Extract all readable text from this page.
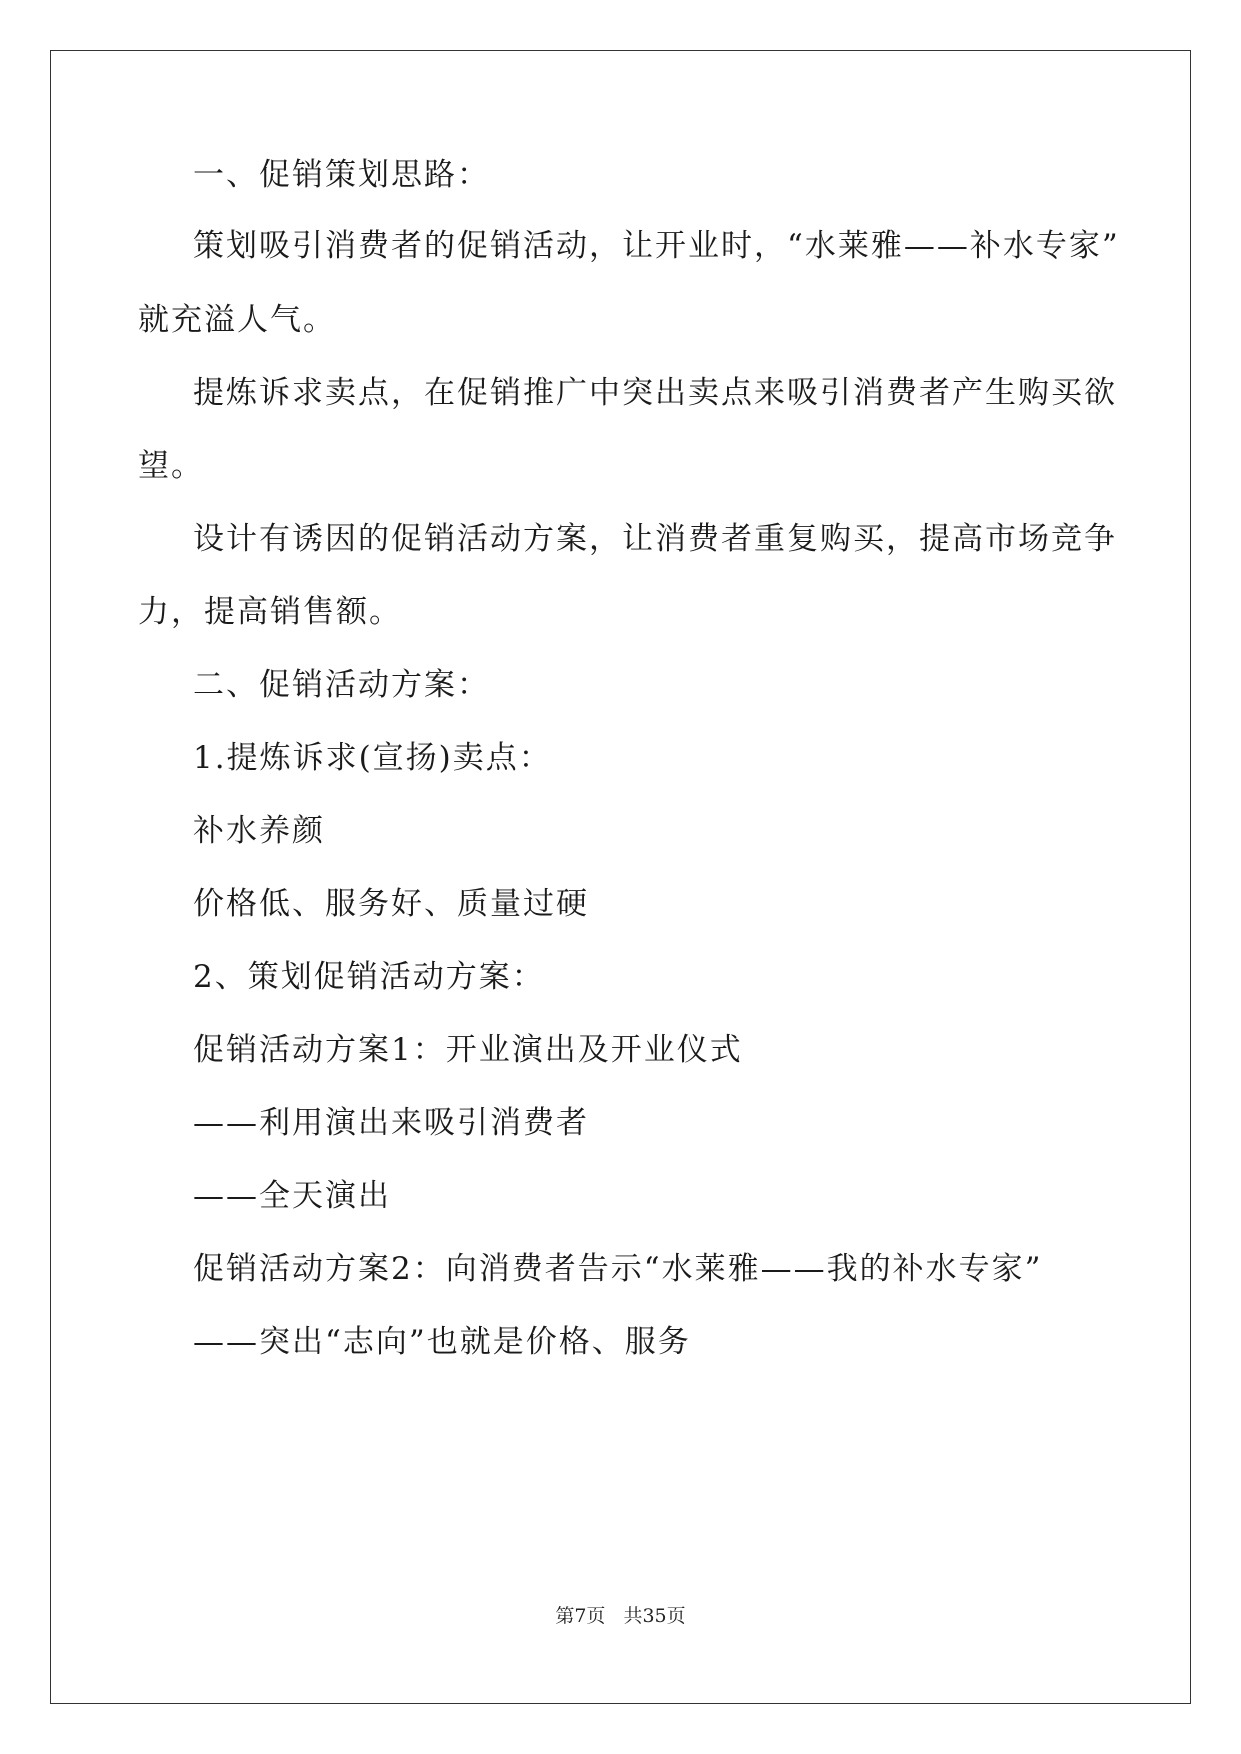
一、促销策划思路：
策划吸引消费者的促销活动，让开业时，“水莱雅——补水专家”
就充溢人气。
提炼诉求卖点，在促销推广中突出卖点来吸引消费者产生购买欲
望。
设计有诱因的促销活动方案，让消费者重复购买，提高市场竞争
力，提高销售额。
二、促销活动方案：
1.提炼诉求(宣扬)卖点：
补水养颜
价格低、服务好、质量过硬
2、策划促销活动方案：
促销活动方案1：开业演出及开业仪式
——利用演出来吸引消费者
——全天演出
促销活动方案2：向消费者告示“水莱雅——我的补水专家”
——突出“志向”也就是价格、服务
第7页 共35页
